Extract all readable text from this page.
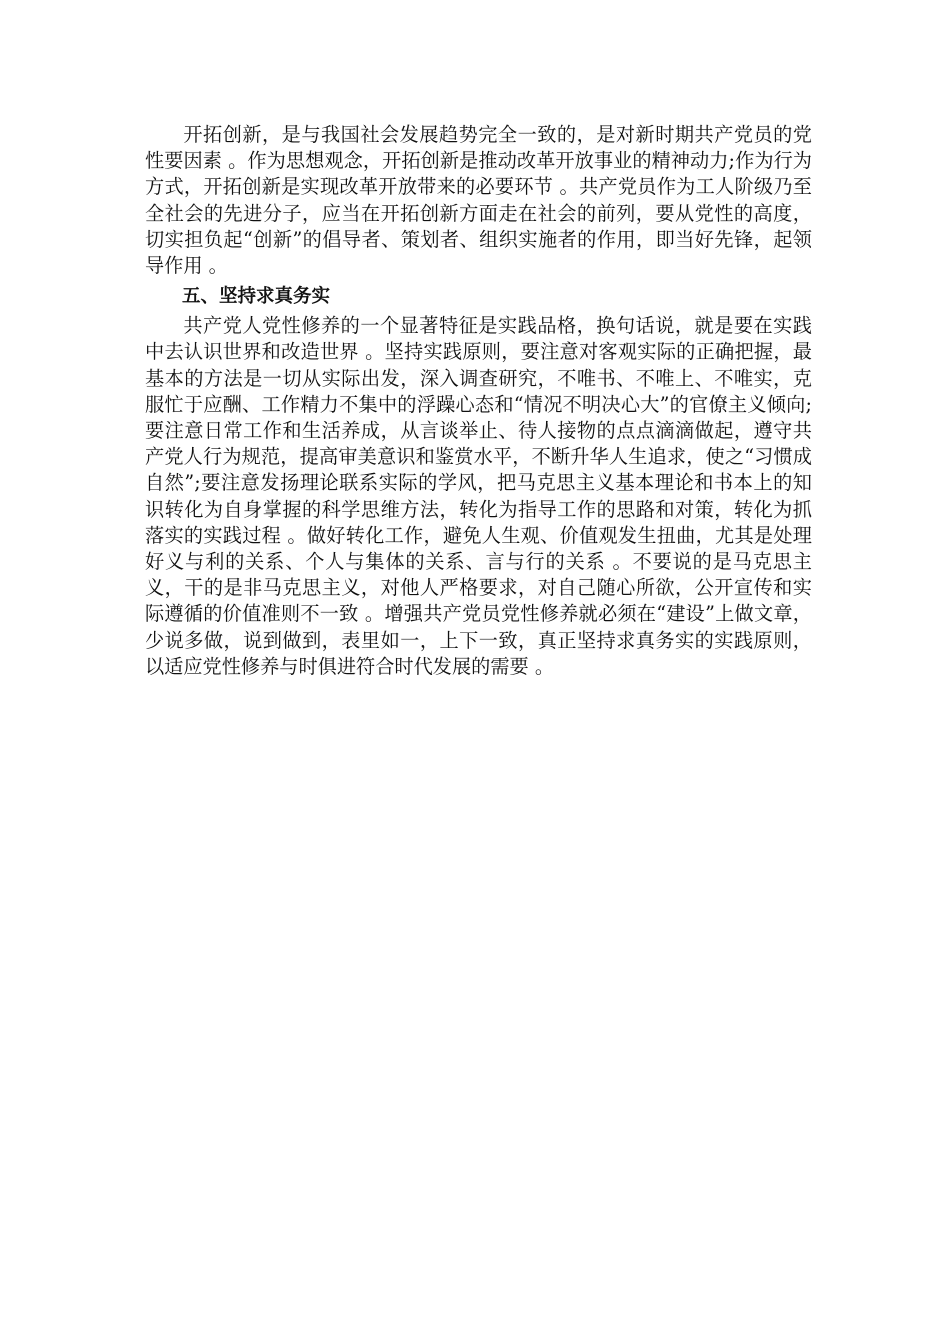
开拓创新，是与我国社会发展趋势完全一致的，是对新时期共产党员的党性要因素 。作为思想观念，开拓创新是推动改革开放事业的精神动力;作为行为方式，开拓创新是实现改革开放带来的必要环节 。共产党员作为工人阶级乃至全社会的先进分子，应当在开拓创新方面走在社会的前列，要从党性的高度，切实担负起“创新”的倡导者、策划者、组织实施者的作用，即当好先锋，起领导作用 。

五、坚持求真务实

共产党人党性修养的一个显著特征是实践品格，换句话说，就是要在实践中去认识世界和改造世界 。坚持实践原则，要注意对客观实际的正确把握，最基本的方法是一切从实际出发，深入调查研究，不唯书、不唯上、不唯实，克服忙于应酬、工作精力不集中的浮躁心态和“情况不明决心大”的官僚主义倾向;要注意日常工作和生活养成，从言谈举止、待人接物的点点滴滴做起，遵守共产党人行为规范，提高审美意识和鉴赏水平，不断升华人生追求，使之“习惯成自然”;要注意发扬理论联系实际的学风，把马克思主义基本理论和书本上的知识转化为自身掌握的科学思维方法，转化为指导工作的思路和对策，转化为抓落实的实践过程 。做好转化工作，避免人生观、价值观发生扭曲，尤其是处理好义与利的关系、个人与集体的关系、言与行的关系 。不要说的是马克思主义，干的是非马克思主义，对他人严格要求，对自己随心所欲，公开宣传和实际遵循的价值准则不一致 。增强共产党员党性修养就必须在“建设”上做文章，少说多做，说到做到，表里如一，上下一致，真正坚持求真务实的实践原则，以适应党性修养与时俱进符合时代发展的需要 。
